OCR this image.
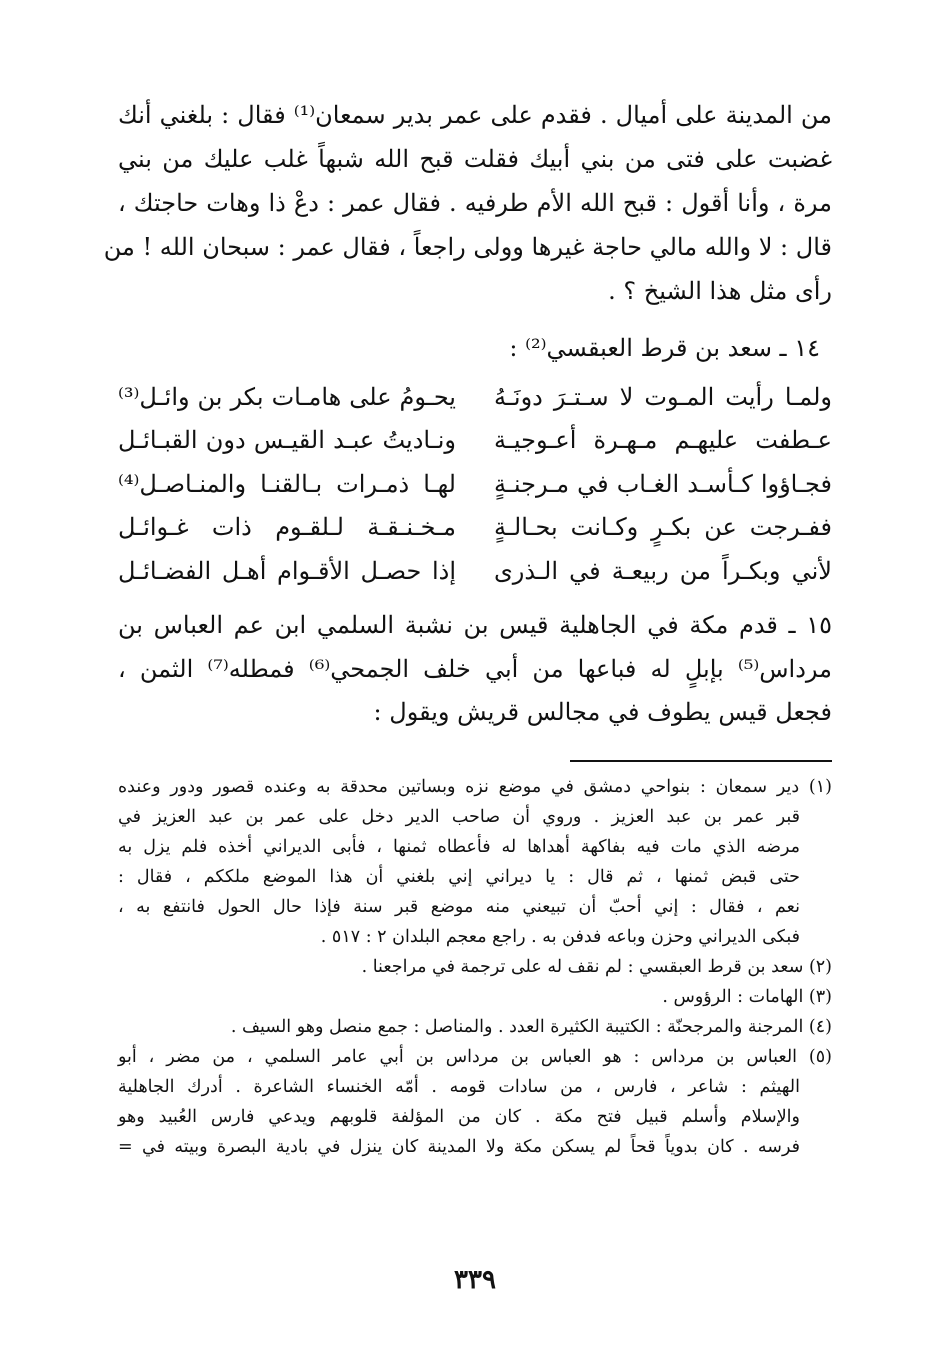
من المدينة على أميال . فقدم على عمر بدير سمعان⁽¹⁾ فقال : بلغني أنك
غضبت على فتى من بني أبيك فقلت قبح الله شبهاً غلب عليك من بني
مرة ، وأنا أقول : قبح الله الأم طرفيه . فقال عمر : دعْ ذا وهات حاجتك ،
قال : لا والله مالي حاجة غيرها وولى راجعاً ، فقال عمر : سبحان الله ! من
رأى مثل هذا الشيخ ؟ .
١٤ ـ سعد بن قرط العبقسي⁽²⁾ :
ولمـا رأيت المـوت لا سـتـرَ دونَـهُ
يحـومُ على هامـات بكر بن وائـل⁽³⁾
عـطفت عليهـم مـهـرة أعـوجيـة
ونـاديتُ عبـد القيـس دون القبـائـل
فجـاؤوا كـأسـد الغـاب في مـرجنـةٍ
لهـا ذمـرات بـالقنـا والمنـاصـل⁽⁴⁾
ففـرجت عن بكـرٍ وكـانت بحـالـةٍ
مـخـنـقـة لـلقـوم ذات غـوائـل
لأني وبكـراً من ربيعـة في الـذرى
إذا حصـل الأقـوام أهـل الفضـائـل
١٥ ـ قدم مكة في الجاهلية قيس بن نشبة السلمي ابن عم العباس بن
مرداس⁽⁵⁾ بإبلٍ له فباعها من أبي خلف الجمحي⁽⁶⁾ فمطله⁽⁷⁾ الثمن ،
فجعل قيس يطوف في مجالس قريش ويقول :
(١) دير سمعان : بنواحي دمشق في موضع نزه وبساتين محدقة به وعنده قصور ودور وعنده
قبر عمر بن عبد العزيز . وروي أن صاحب الدير دخل على عمر بن عبد العزيز في
مرضه الذي مات فيه بفاكهة أهداها له فأعطاه ثمنها ، فأبى الديراني أخذه فلم يزل به
حتى قبض ثمنها ، ثم قال : يا ديراني إني بلغني أن هذا الموضع ملككم ، فقال :
نعم ، فقال : إني أحبّ أن تبيعني منه موضع قبر سنة فإذا حال الحول فانتفع به ،
فبكى الديراني وحزن وباعه فدفن به . راجع معجم البلدان ٢ : ٥١٧ .
(٢) سعد بن قرط العبقسي : لم نقف له على ترجمة في مراجعنا .
(٣) الهامات : الرؤوس .
(٤) المرجنة والمرجحنّة : الكتيبة الكثيرة العدد . والمناصل : جمع منصل وهو السيف .
(٥) العباس بن مرداس : هو العباس بن مرداس بن أبي عامر السلمي ، من مضر ، أبو
الهيثم : شاعر ، فارس ، من سادات قومه . أمّه الخنساء الشاعرة . أدرك الجاهلية
والإسلام وأسلم قبيل فتح مكة . كان من المؤلفة قلوبهم ويدعي فارس العُبيد وهو
فرسه . كان بدوياً قحاً لم يسكن مكة ولا المدينة كان ينزل في بادية البصرة وبيته في =
٣٣٩
